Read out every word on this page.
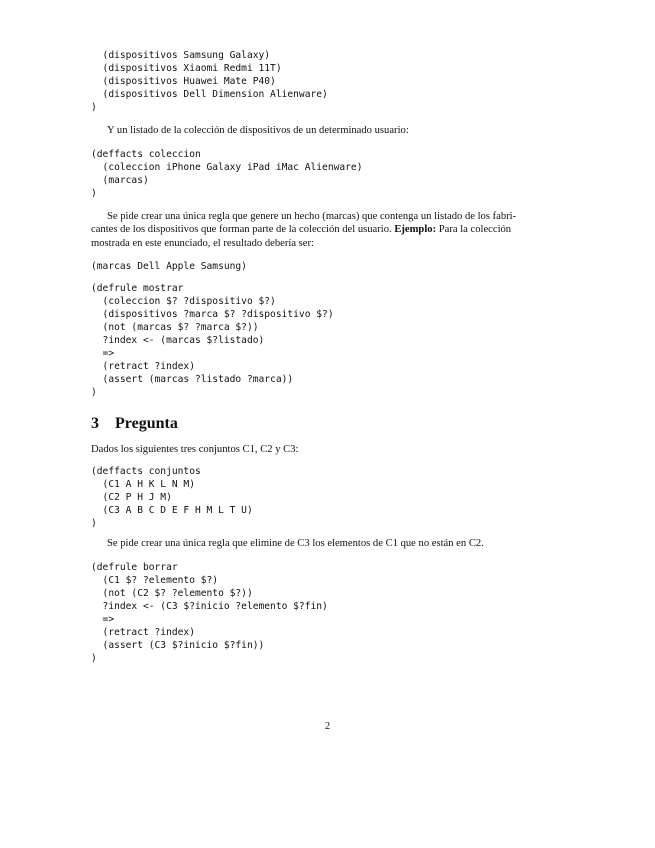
(dispositivos Samsung Galaxy)
(dispositivos Xiaomi Redmi 11T)
(dispositivos Huawei Mate P40)
(dispositivos Dell Dimension Alienware)
)

Y un listado de la colección de dispositivos de un determinado usuario:

(deffacts coleccion
(coleccion iPhone Galaxy iPad iMac Alienware)
(marcas)
)
Se pide crear una única regla que genere un hecho (marcas) que contenga un listado de los fabri-
cantes de los dispositivos que forman parte de la colección del usuario. Ejemplo: Para la colección
mostrada en este enunciado, el resultado debería ser:
(marcas Dell Apple Samsung)
(defrule mostrar
(coleccion $? ?dispositivo $?)
(dispositivos ?marca $? ?dispositivo $?)
(not (marcas $? ?marca $?))
?index <- (marcas $?listado)
=>
(retract ?index)
(assert (marcas ?listado ?marca))
)
3 Pregunta

Dados los siguientes tres conjuntos C1, C2 y C3:

(deffacts conjuntos
(C1 A H K L N M)
(C2 P H J M)
(C3 A B C D E F H M L T U)
)

Se pide crear una única regla que elimine de C3 los elementos de C1 que no están en C2.

(defrule borrar
(C1 $? ?elemento $?)
(not (C2 $? ?elemento $?))
?index <- (C3 $?inicio ?elemento $?fin)
=>
(retract ?index)
(assert (C3 $?inicio $?fin))
)
2
